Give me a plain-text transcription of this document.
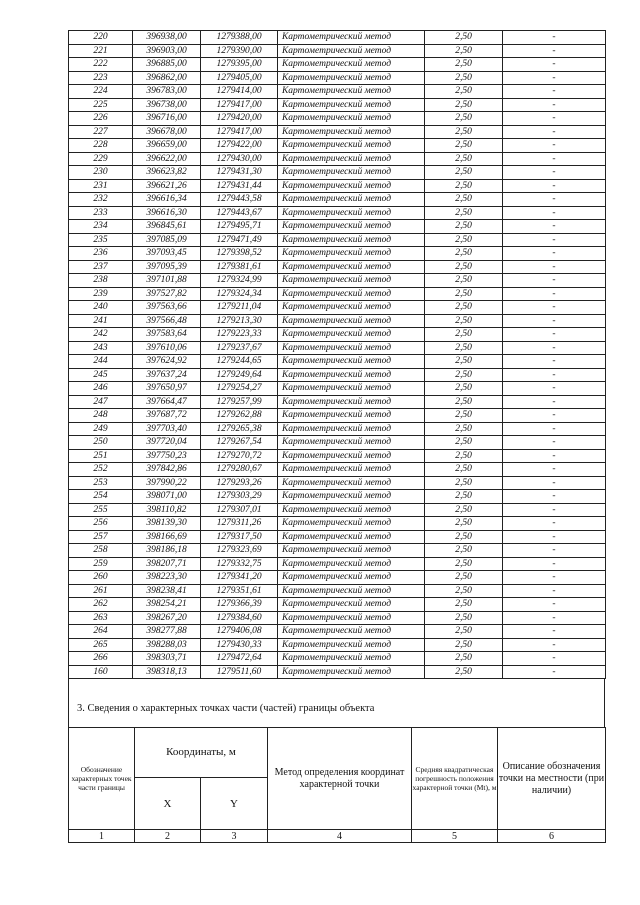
220	396938,00	1279388,00	Картометрический метод	2,50	-
221	396903,00	1279390,00	Картометрический метод	2,50	-
222	396885,00	1279395,00	Картометрический метод	2,50	-
223	396862,00	1279405,00	Картометрический метод	2,50	-
224	396783,00	1279414,00	Картометрический метод	2,50	-
225	396738,00	1279417,00	Картометрический метод	2,50	-
226	396716,00	1279420,00	Картометрический метод	2,50	-
227	396678,00	1279417,00	Картометрический метод	2,50	-
228	396659,00	1279422,00	Картометрический метод	2,50	-
229	396622,00	1279430,00	Картометрический метод	2,50	-
230	396623,82	1279431,30	Картометрический метод	2,50	-
231	396621,26	1279431,44	Картометрический метод	2,50	-
232	396616,34	1279443,58	Картометрический метод	2,50	-
233	396616,30	1279443,67	Картометрический метод	2,50	-
234	396845,61	1279495,71	Картометрический метод	2,50	-
235	397085,09	1279471,49	Картометрический метод	2,50	-
236	397093,45	1279398,52	Картометрический метод	2,50	-
237	397095,39	1279381,61	Картометрический метод	2,50	-
238	397101,88	1279324,99	Картометрический метод	2,50	-
239	397527,82	1279324,34	Картометрический метод	2,50	-
240	397563,66	1279211,04	Картометрический метод	2,50	-
241	397566,48	1279213,30	Картометрический метод	2,50	-
242	397583,64	1279223,33	Картометрический метод	2,50	-
243	397610,06	1279237,67	Картометрический метод	2,50	-
244	397624,92	1279244,65	Картометрический метод	2,50	-
245	397637,24	1279249,64	Картометрический метод	2,50	-
246	397650,97	1279254,27	Картометрический метод	2,50	-
247	397664,47	1279257,99	Картометрический метод	2,50	-
248	397687,72	1279262,88	Картометрический метод	2,50	-
249	397703,40	1279265,38	Картометрический метод	2,50	-
250	397720,04	1279267,54	Картометрический метод	2,50	-
251	397750,23	1279270,72	Картометрический метод	2,50	-
252	397842,86	1279280,67	Картометрический метод	2,50	-
253	397990,22	1279293,26	Картометрический метод	2,50	-
254	398071,00	1279303,29	Картометрический метод	2,50	-
255	398110,82	1279307,01	Картометрический метод	2,50	-
256	398139,30	1279311,26	Картометрический метод	2,50	-
257	398166,69	1279317,50	Картометрический метод	2,50	-
258	398186,18	1279323,69	Картометрический метод	2,50	-
259	398207,71	1279332,75	Картометрический метод	2,50	-
260	398223,30	1279341,20	Картометрический метод	2,50	-
261	398238,41	1279351,61	Картометрический метод	2,50	-
262	398254,21	1279366,39	Картометрический метод	2,50	-
263	398267,20	1279384,60	Картометрический метод	2,50	-
264	398277,88	1279406,08	Картометрический метод	2,50	-
265	398288,03	1279430,33	Картометрический метод	2,50	-
266	398303,71	1279472,64	Картометрический метод	2,50	-
160	398318,13	1279511,60	Картометрический метод	2,50	-
3. Сведения о характерных точках части (частей) границы объекта
Обозначение характерных точек части границы	Координаты, м		Метод определения координат характерной точки	Средняя квадратическая погрешность положения характерной точки (Mt), м	Описание обозначения точки на местности (при наличии)
	X	Y			
1	2	3	4	5	6
